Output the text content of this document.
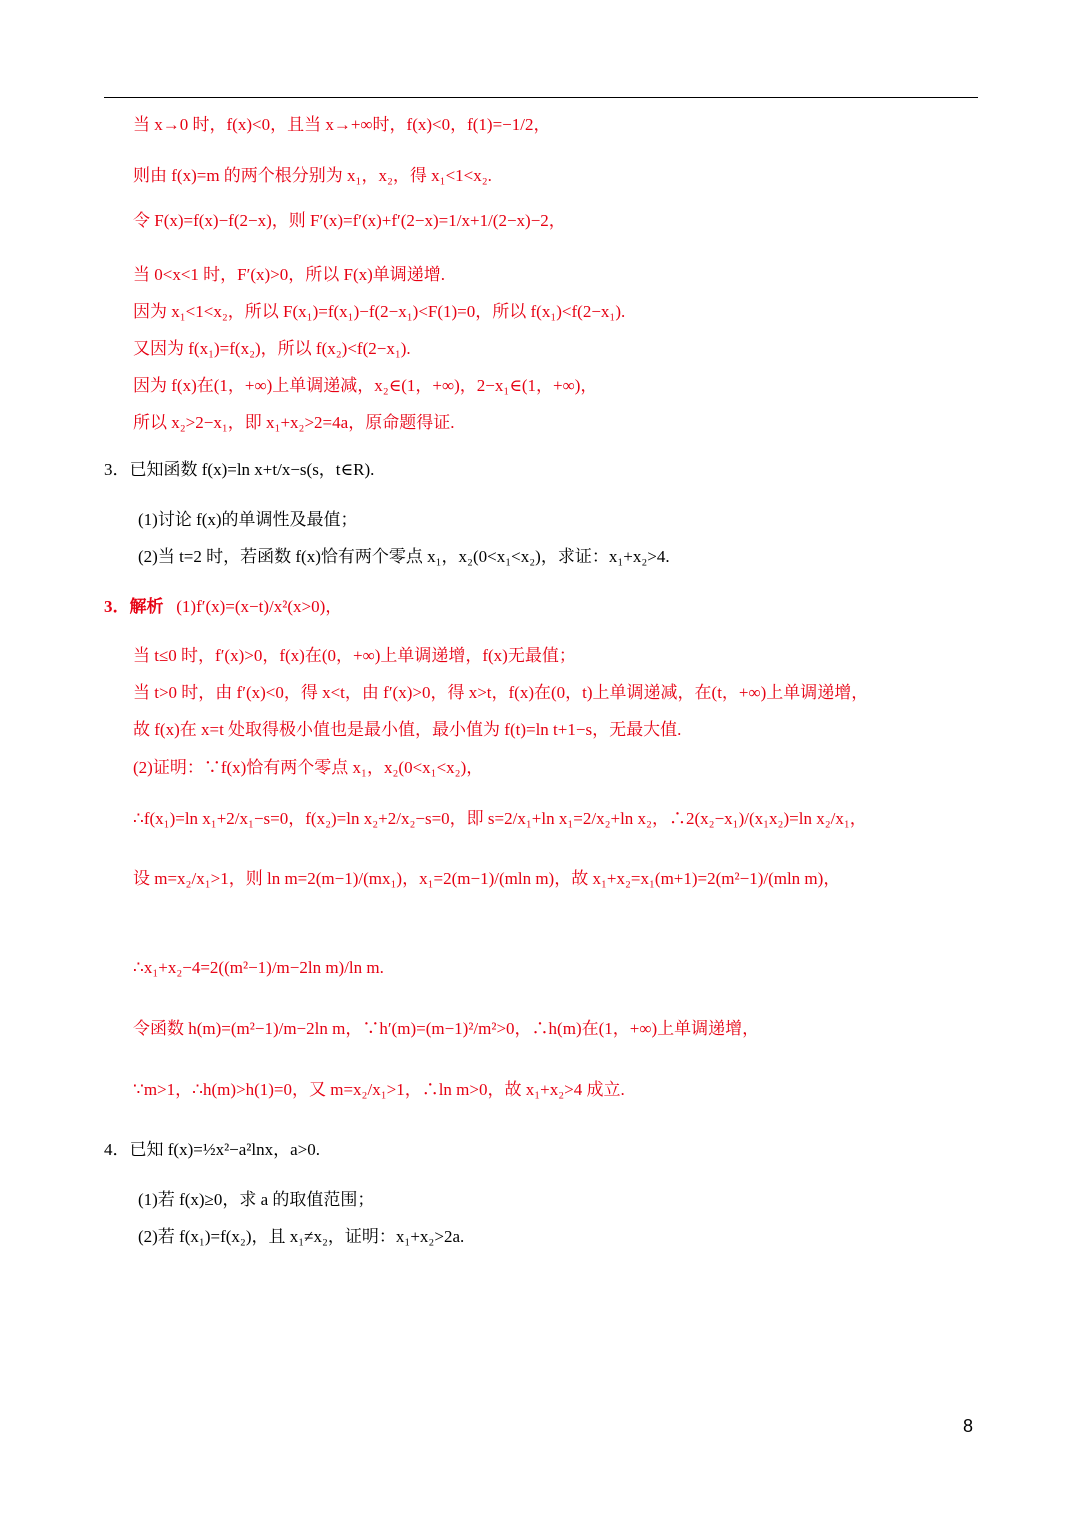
当 x→0 时，f(x)<0，且当 x→+∞时，f(x)<0，f(1)=−1/2，
则由 f(x)=m 的两个根分别为 x₁，x₂，得 x₁<1<x₂.
令 F(x)=f(x)−f(2−x)，则 F′(x)=f′(x)+f′(2−x)=1/x+1/(2−x)−2，
当 0<x<1 时，F′(x)>0，所以 F(x)单调递增.
因为 x₁<1<x₂，所以 F(x₁)=f(x₁)−f(2−x₁)<F(1)=0，所以 f(x₁)<f(2−x₁).
又因为 f(x₁)=f(x₂)，所以 f(x₂)<f(2−x₁).
因为 f(x)在(1，+∞)上单调递减，x₂∈(1，+∞)，2−x₁∈(1，+∞)，
所以 x₂>2−x₁，即 x₁+x₂>2=4a，原命题得证.
3．已知函数 f(x)=ln x+t/x−s(s，t∈R).
(1)讨论 f(x)的单调性及最值；
(2)当 t=2 时，若函数 f(x)恰有两个零点 x₁，x₂(0<x₁<x₂)，求证：x₁+x₂>4.
3．解析 (1)f′(x)=(x−t)/x²(x>0)，
当 t≤0 时，f′(x)>0，f(x)在(0，+∞)上单调递增，f(x)无最值；
当 t>0 时，由 f′(x)<0，得 x<t，由 f′(x)>0，得 x>t，f(x)在(0，t)上单调递减，在(t，+∞)上单调递增，
故 f(x)在 x=t 处取得极小值也是最小值，最小值为 f(t)=ln t+1−s，无最大值.
(2)证明：∵f(x)恰有两个零点 x₁，x₂(0<x₁<x₂)，
∴f(x₁)=ln x₁+2/x₁−s=0，f(x₂)=ln x₂+2/x₂−s=0，即 s=2/x₁+ln x₁=2/x₂+ln x₂，∴2(x₂−x₁)/(x₁x₂)=ln x₂/x₁，
设 m=x₂/x₁>1，则 ln m=2(m−1)/(mx₁)，x₁=2(m−1)/(mln m)，故 x₁+x₂=x₁(m+1)=2(m²−1)/(mln m)，
∴x₁+x₂−4=2((m²−1)/m−2ln m)/ln m.
令函数 h(m)=(m²−1)/m−2ln m，∵h′(m)=(m−1)²/m²>0，∴h(m)在(1，+∞)上单调递增，
∵m>1，∴h(m)>h(1)=0，又 m=x₂/x₁>1，∴ln m>0，故 x₁+x₂>4 成立.
4．已知 f(x)=½x²−a²lnx，a>0.
(1)若 f(x)≥0，求 a 的取值范围；
(2)若 f(x₁)=f(x₂)，且 x₁≠x₂，证明：x₁+x₂>2a.
8
